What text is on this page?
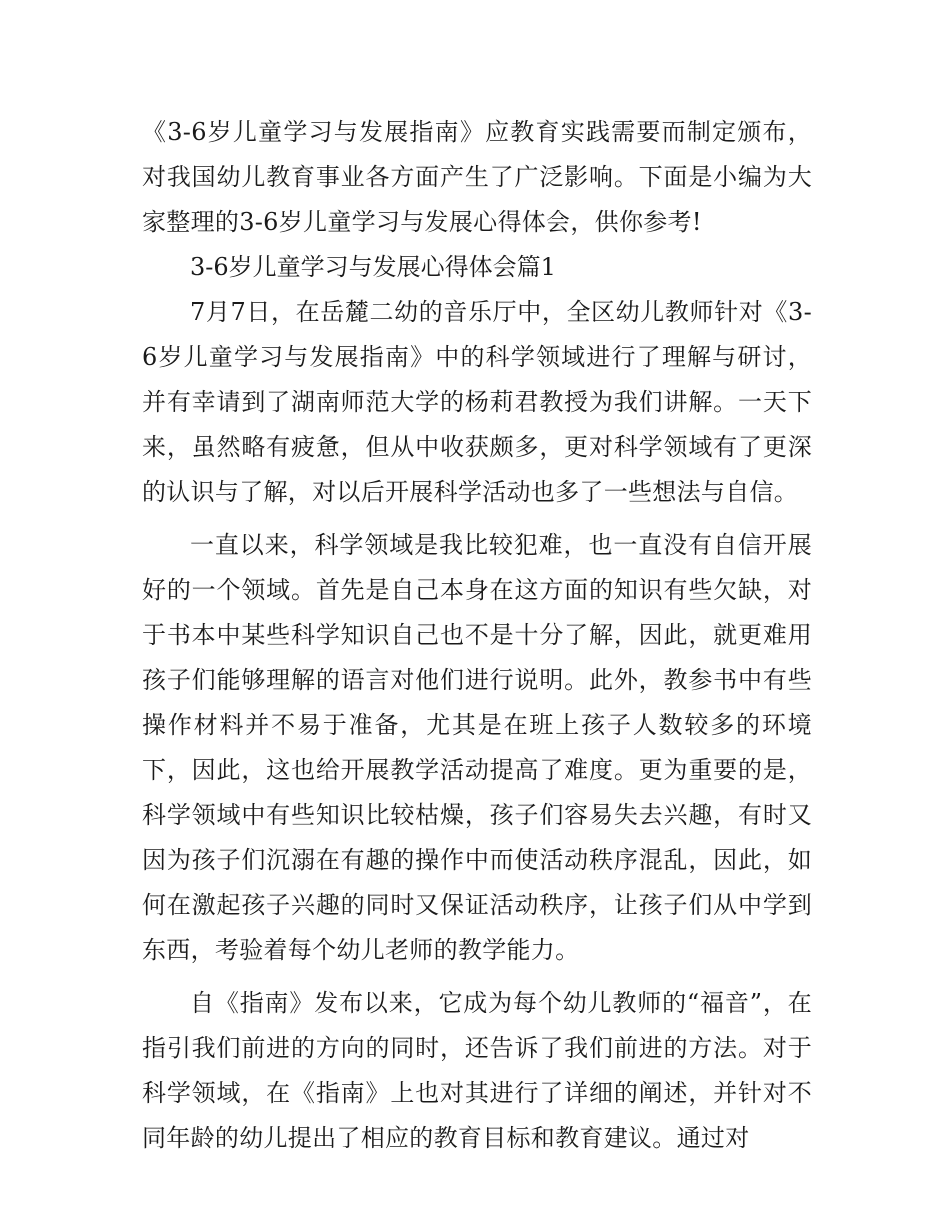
《3-6岁儿童学习与发展指南》应教育实践需要而制定颁布，对我国幼儿教育事业各方面产生了广泛影响。下面是小编为大家整理的3-6岁儿童学习与发展心得体会，供你参考!

3-6岁儿童学习与发展心得体会篇1

7月7日，在岳麓二幼的音乐厅中，全区幼儿教师针对《3-6岁儿童学习与发展指南》中的科学领域进行了理解与研讨，并有幸请到了湖南师范大学的杨莉君教授为我们讲解。一天下来，虽然略有疲惫，但从中收获颇多，更对科学领域有了更深的认识与了解，对以后开展科学活动也多了一些想法与自信。

一直以来，科学领域是我比较犯难，也一直没有自信开展好的一个领域。首先是自己本身在这方面的知识有些欠缺，对于书本中某些科学知识自己也不是十分了解，因此，就更难用孩子们能够理解的语言对他们进行说明。此外，教参书中有些操作材料并不易于准备，尤其是在班上孩子人数较多的环境下，因此，这也给开展教学活动提高了难度。更为重要的是，科学领域中有些知识比较枯燥，孩子们容易失去兴趣，有时又因为孩子们沉溺在有趣的操作中而使活动秩序混乱，因此，如何在激起孩子兴趣的同时又保证活动秩序，让孩子们从中学到东西，考验着每个幼儿老师的教学能力。

自《指南》发布以来，它成为每个幼儿教师的“福音”，在指引我们前进的方向的同时，还告诉了我们前进的方法。对于科学领域，在《指南》上也对其进行了详细的阐述，并针对不同年龄的幼儿提出了相应的教育目标和教育建议。通过对
